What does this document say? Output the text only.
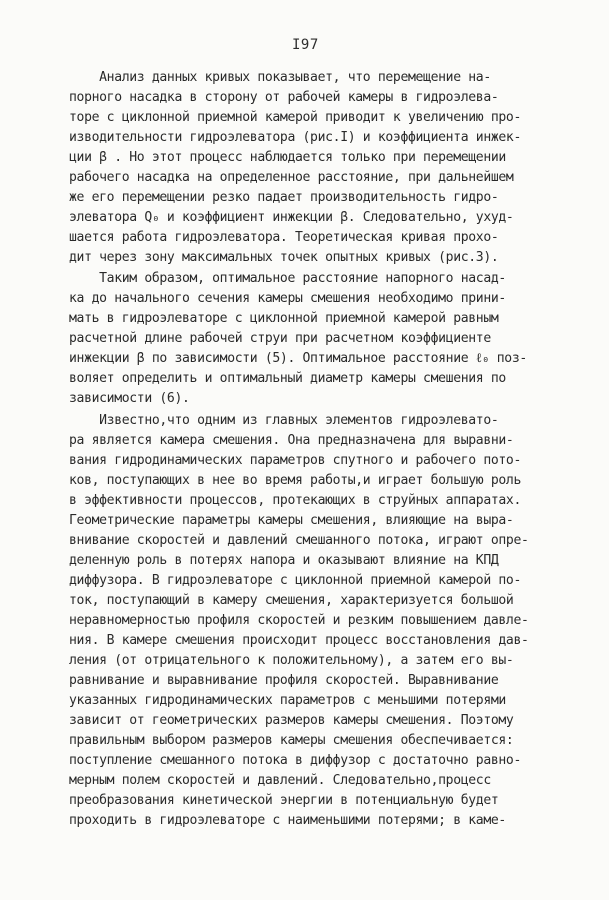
I97
Анализ данных кривых показывает, что перемещение на-
порного насадка в сторону от рабочей камеры в гидроэлева-
торе с циклонной приемной камерой приводит к увеличению про-
изводительности гидроэлеватора (рис.I) и коэффициента инжек-
ции β . Но этот процесс наблюдается только при перемещении
рабочего насадка на определенное расстояние, при дальнейшем
же его перемещении резко падает производительность гидро-
элеватора Q₀ и коэффициент инжекции β. Следовательно, ухуд-
шается работа гидроэлеватора. Теоретическая кривая прохо-
дит через зону максимальных точек опытных кривых (рис.3).
Таким образом, оптимальное расстояние напорного насад-
ка до начального сечения камеры смешения необходимо прини-
мать в гидроэлеваторе с циклонной приемной камерой равным
расчетной длине рабочей струи при расчетном коэффициенте
инжекции β по зависимости (5). Оптимальное расстояние ℓ₀ поз-
воляет определить и оптимальный диаметр камеры смешения по
зависимости (6).
Известно,что одним из главных элементов гидроэлевато-
ра является камера смешения. Она предназначена для выравни-
вания гидродинамических параметров спутного и рабочего пото-
ков, поступающих в нее во время работы,и играет большую роль
в эффективности процессов, протекающих в струйных аппаратах.
Геометрические параметры камеры смешения, влияющие на выра-
внивание скоростей и давлений смешанного потока, играют опре-
деленную роль в потерях напора и оказывают влияние на КПД
диффузора. В гидроэлеваторе с циклонной приемной камерой по-
ток, поступающий в камеру смешения, характеризуется большой
неравномерностью профиля скоростей и резким повышением давле-
ния. В камере смешения происходит процесс восстановления дав-
ления (от отрицательного к положительному), а затем его вы-
равнивание и выравнивание профиля скоростей. Выравнивание
указанных гидродинамических параметров с меньшими потерями
зависит от геометрических размеров камеры смешения. Поэтому
правильным выбором размеров камеры смешения обеспечивается:
поступление смешанного потока в диффузор с достаточно равно-
мерным полем скоростей и давлений. Следовательно,процесс
преобразования кинетической энергии в потенциальную будет
проходить в гидроэлеваторе с наименьшими потерями; в каме-
